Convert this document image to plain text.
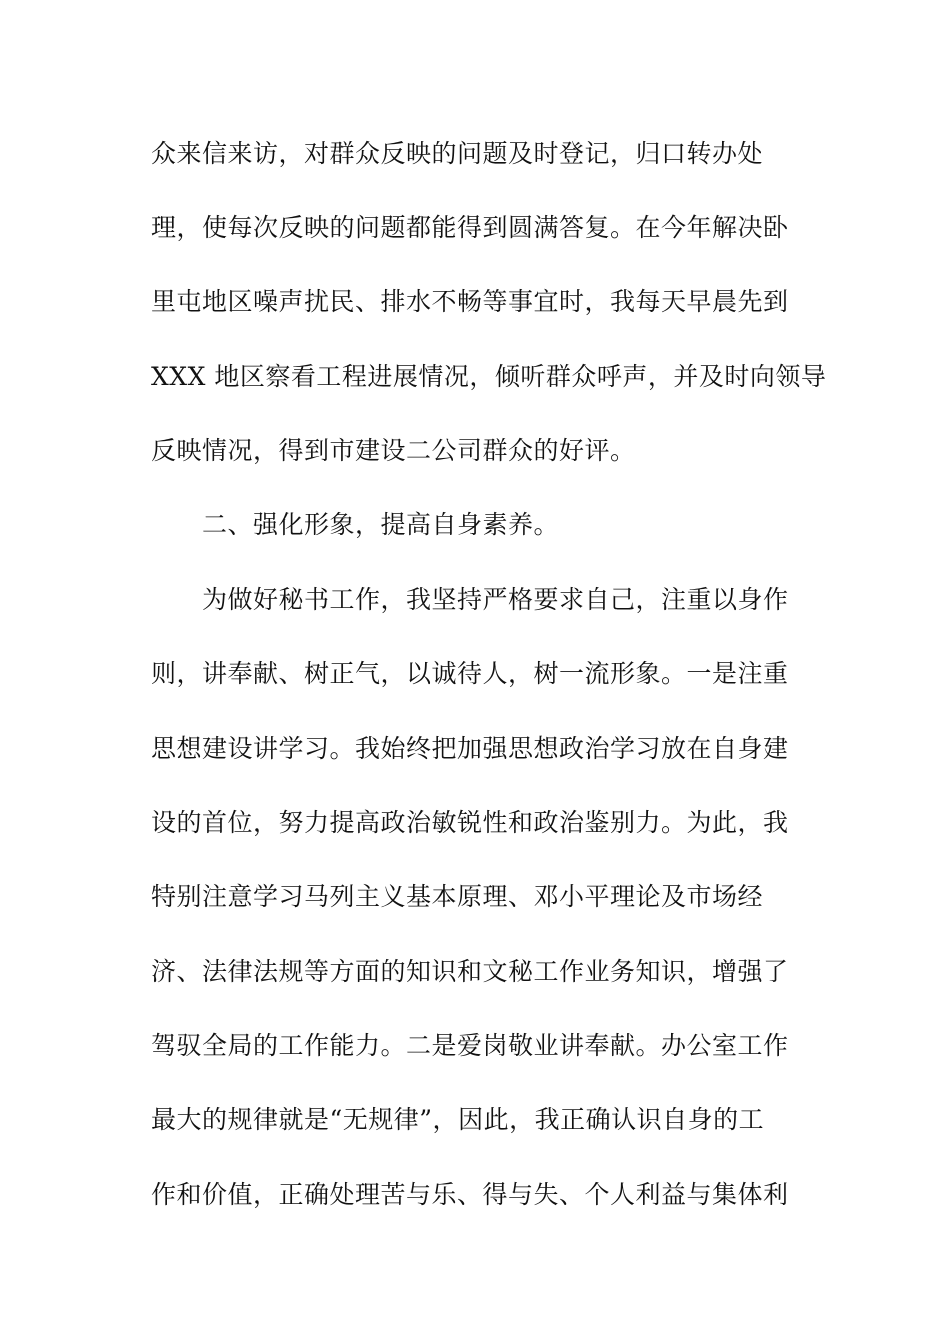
众来信来访，对群众反映的问题及时登记，归口转办处
理，使每次反映的问题都能得到圆满答复。在今年解决卧
里屯地区噪声扰民、排水不畅等事宜时，我每天早晨先到
XXX 地区察看工程进展情况，倾听群众呼声，并及时向领导
反映情况，得到市建设二公司群众的好评。
二、强化形象，提高自身素养。
为做好秘书工作，我坚持严格要求自己，注重以身作
则，讲奉献、树正气，以诚待人，树一流形象。一是注重
思想建设讲学习。我始终把加强思想政治学习放在自身建
设的首位，努力提高政治敏锐性和政治鉴别力。为此，我
特别注意学习马列主义基本原理、邓小平理论及市场经
济、法律法规等方面的知识和文秘工作业务知识，增强了
驾驭全局的工作能力。二是爱岗敬业讲奉献。办公室工作
最大的规律就是“无规律”，因此，我正确认识自身的工
作和价值，正确处理苦与乐、得与失、个人利益与集体利
